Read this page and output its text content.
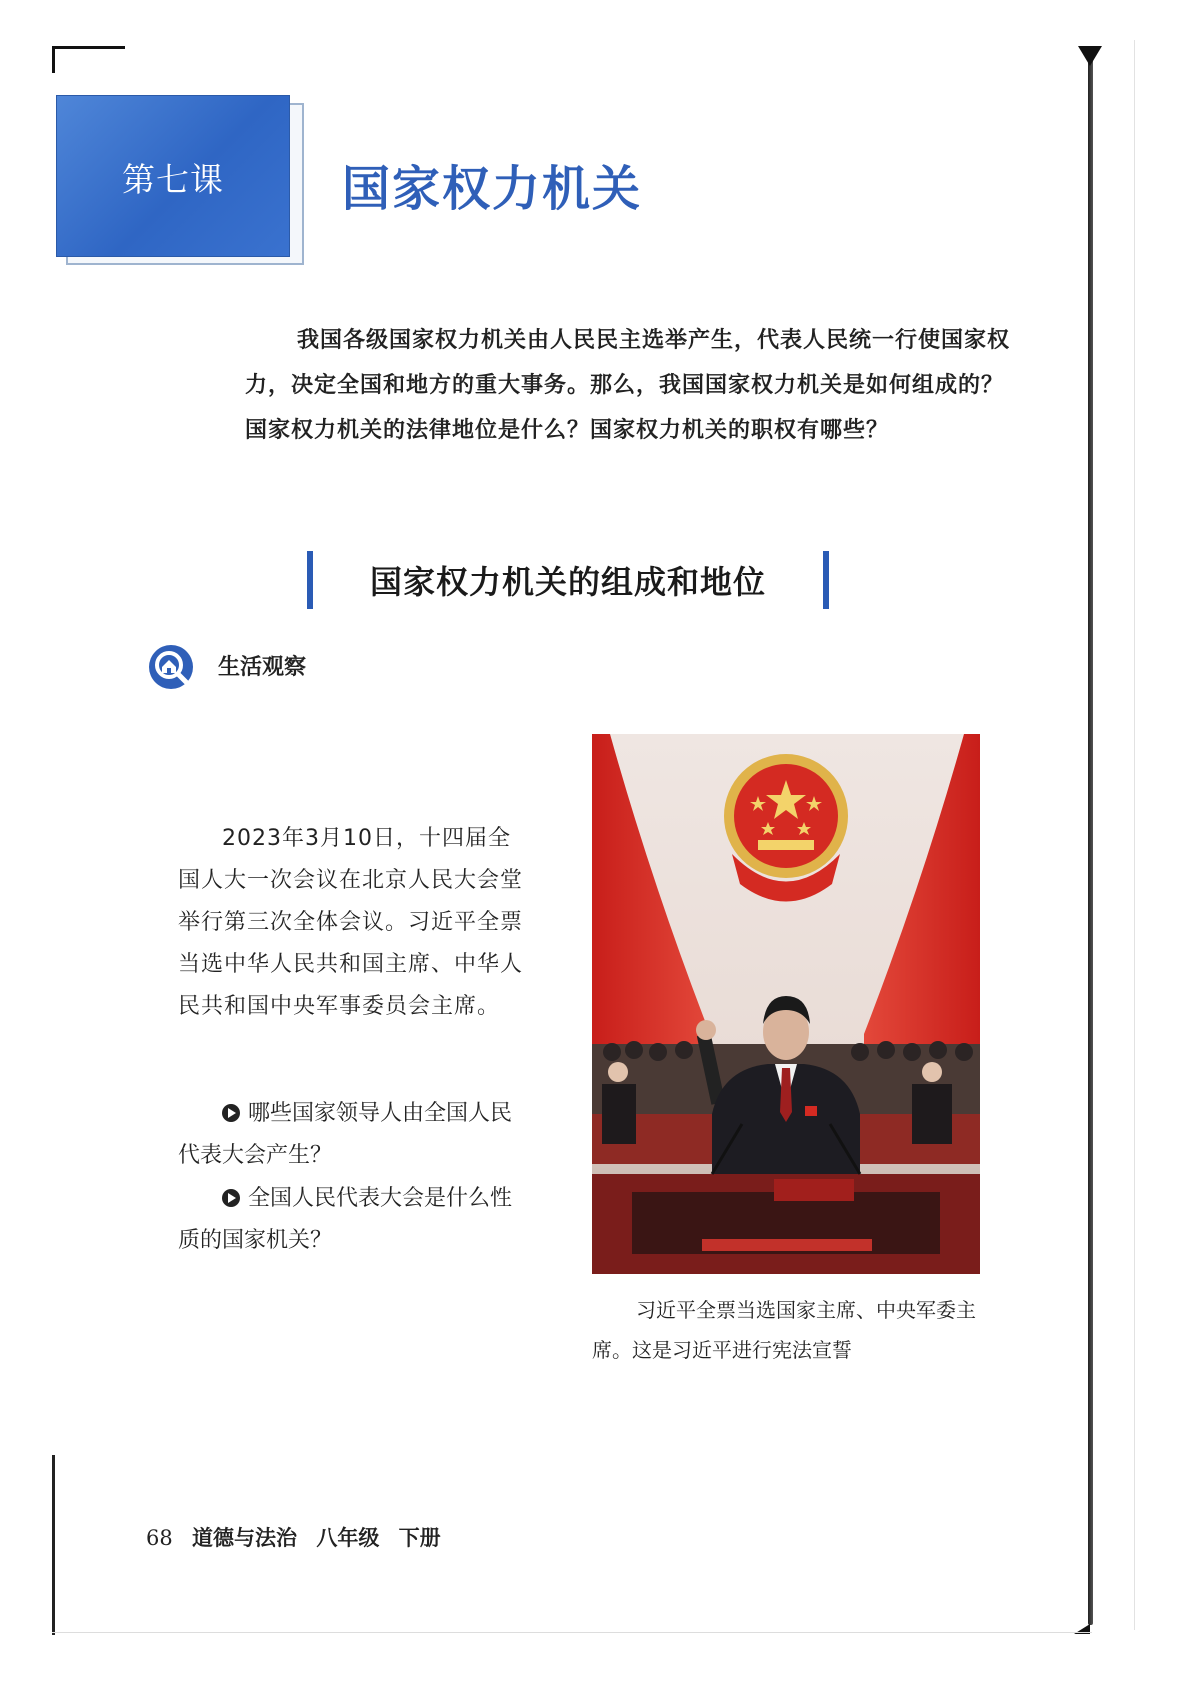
第七课	国家权力机关

我国各级国家权力机关由人民民主选举产生，代表人民统一行使国家权力，决定全国和地方的重大事务。那么，我国国家权力机关是如何组成的？国家权力机关的法律地位是什么？国家权力机关的职权有哪些？

国家权力机关的组成和地位
生活观察

2023年3月10日，十四届全国人大一次会议在北京人民大会堂举行第三次全体会议。习近平全票当选中华人民共和国主席、中华人民共和国中央军事委员会主席。

哪些国家领导人由全国人民代表大会产生？

全国人民代表大会是什么性质的国家机关？

习近平全票当选国家主席、中央军委主席。这是习近平进行宪法宣誓

68 道德与法治 八年级 下册
